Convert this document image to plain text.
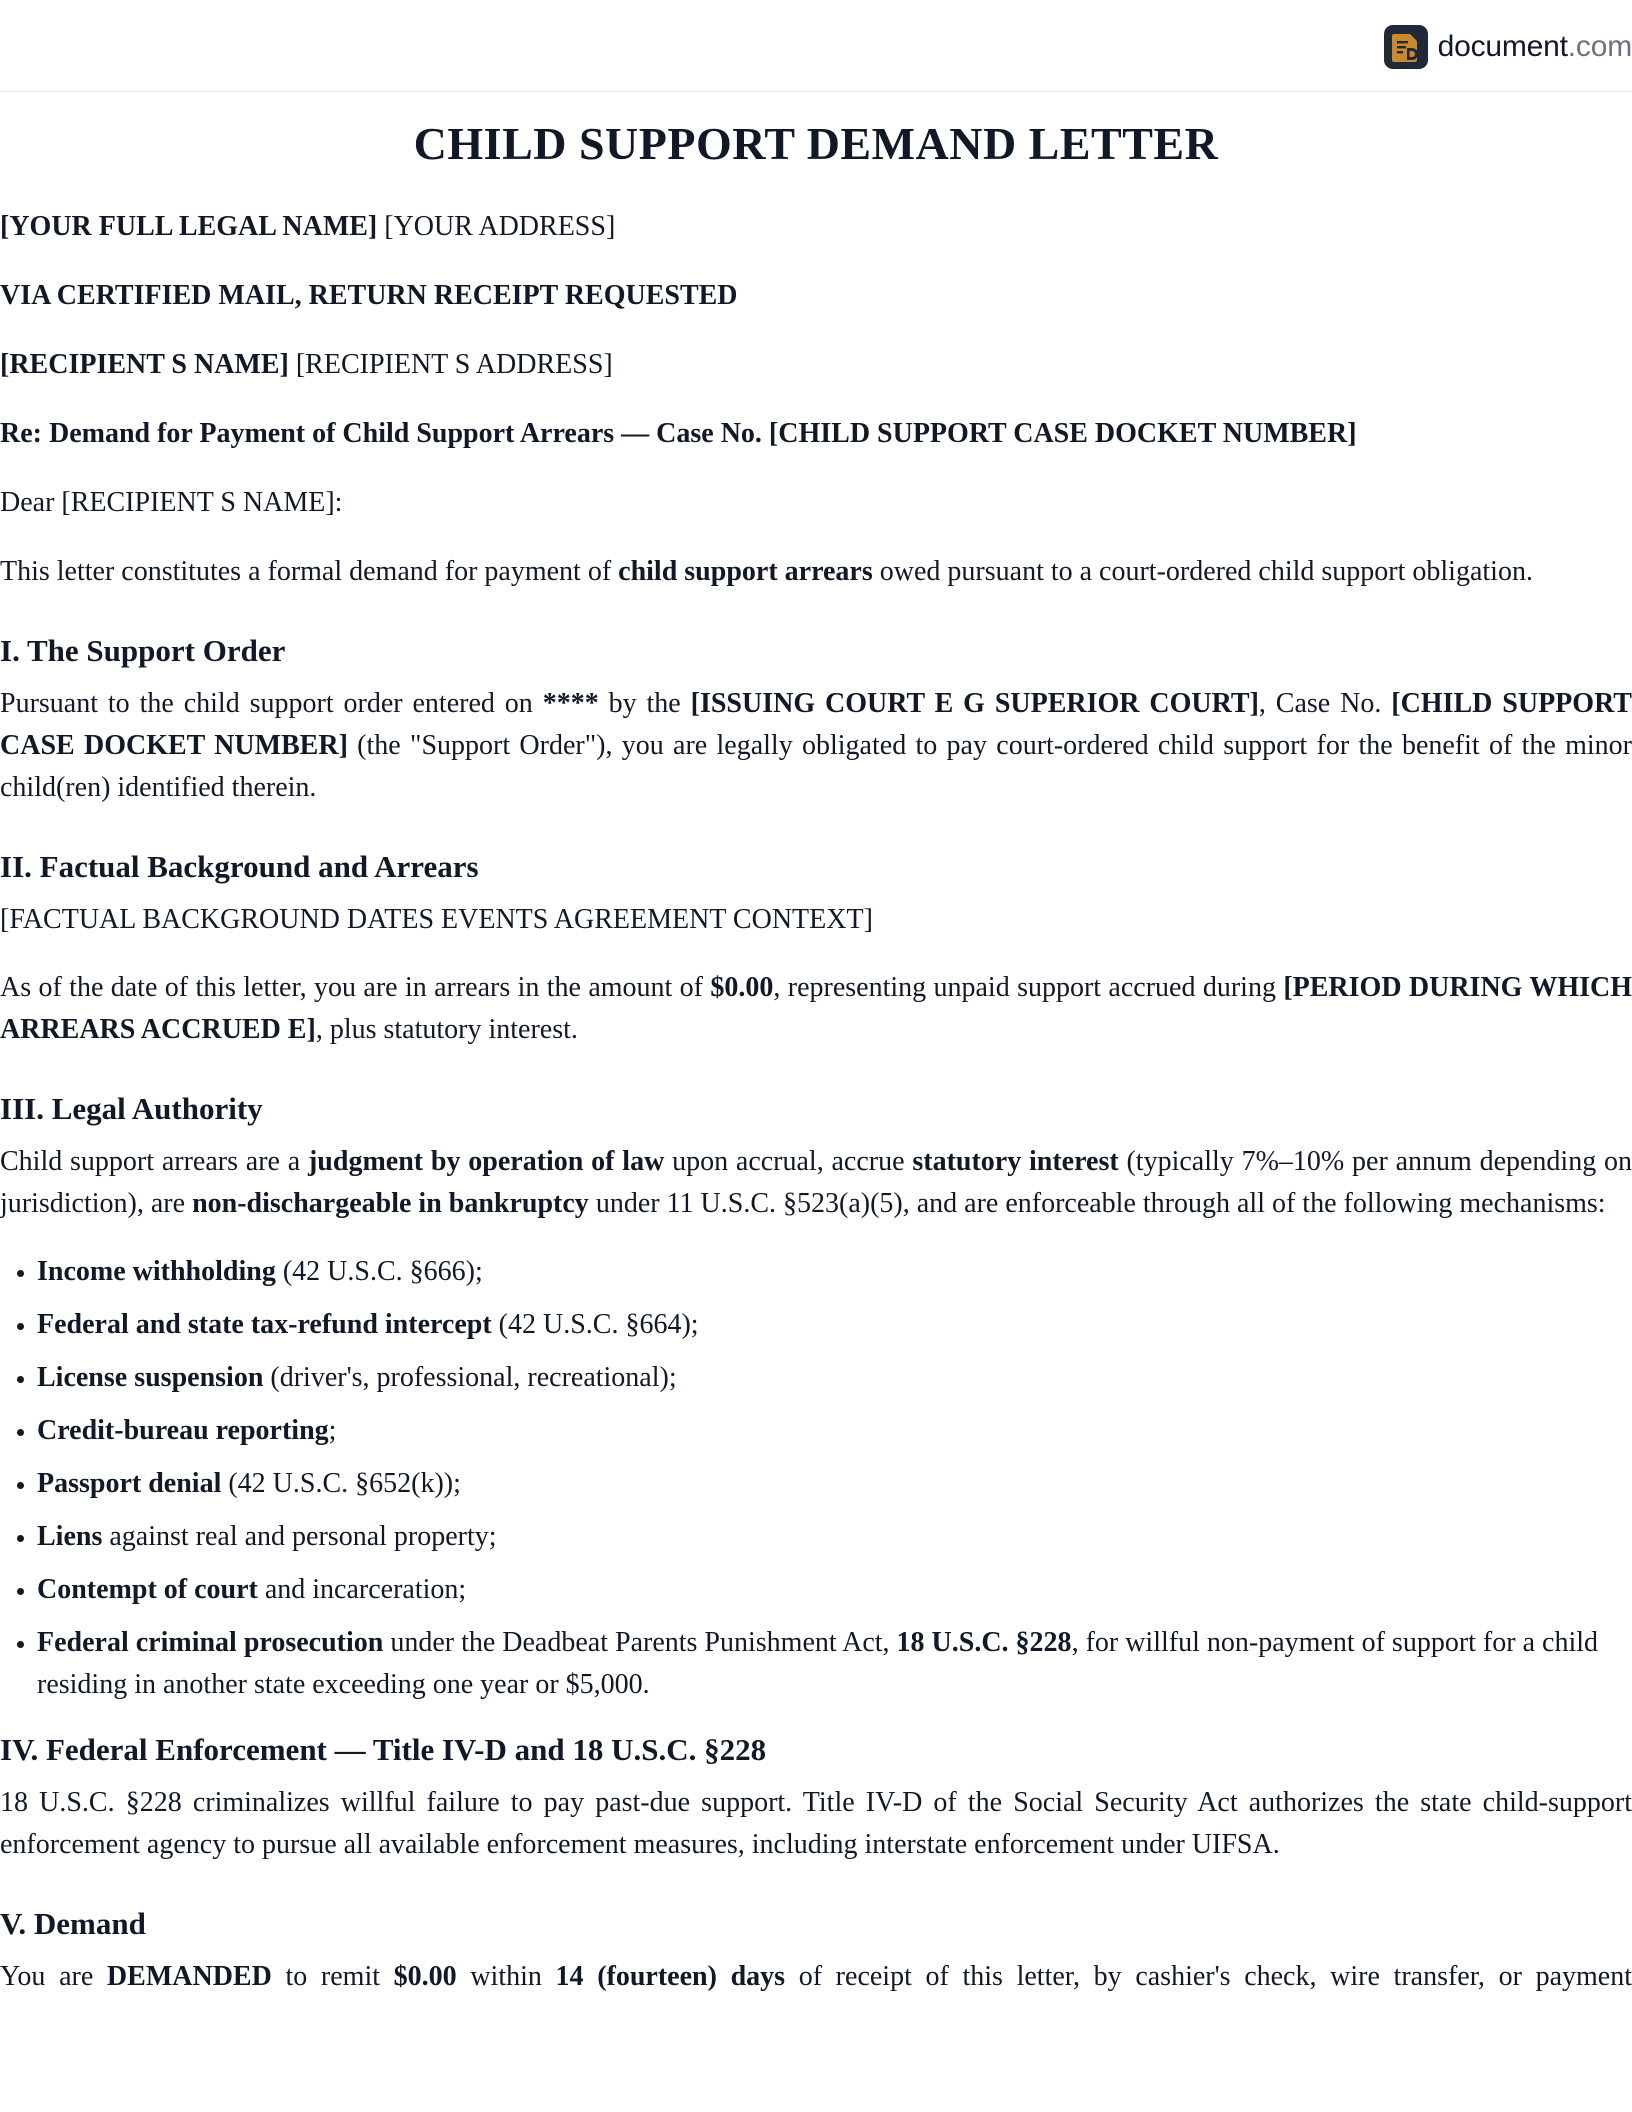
document.com
CHILD SUPPORT DEMAND LETTER

[YOUR FULL LEGAL NAME] [YOUR ADDRESS]

VIA CERTIFIED MAIL, RETURN RECEIPT REQUESTED

[RECIPIENT S NAME] [RECIPIENT S ADDRESS]

Re: Demand for Payment of Child Support Arrears — Case No. [CHILD SUPPORT CASE DOCKET NUMBER]

Dear [RECIPIENT S NAME]:

This letter constitutes a formal demand for payment of child support arrears owed pursuant to a court-ordered child support obligation.

I. The Support Order

Pursuant to the child support order entered on **** by the [ISSUING COURT E G SUPERIOR COURT], Case No. [CHILD SUPPORT CASE DOCKET NUMBER] (the "Support Order"), you are legally obligated to pay court-ordered child support for the benefit of the minor child(ren) identified therein.

II. Factual Background and Arrears

[FACTUAL BACKGROUND DATES EVENTS AGREEMENT CONTEXT]

As of the date of this letter, you are in arrears in the amount of $0.00, representing unpaid support accrued during [PERIOD DURING WHICH ARREARS ACCRUED E], plus statutory interest.

III. Legal Authority

Child support arrears are a judgment by operation of law upon accrual, accrue statutory interest (typically 7%–10% per annum depending on jurisdiction), are non-dischargeable in bankruptcy under 11 U.S.C. §523(a)(5), and are enforceable through all of the following mechanisms:

• Income withholding (42 U.S.C. §666);
• Federal and state tax-refund intercept (42 U.S.C. §664);
• License suspension (driver's, professional, recreational);
• Credit-bureau reporting;
• Passport denial (42 U.S.C. §652(k));
• Liens against real and personal property;
• Contempt of court and incarceration;
• Federal criminal prosecution under the Deadbeat Parents Punishment Act, 18 U.S.C. §228, for willful non-payment of support for a child residing in another state exceeding one year or $5,000.
IV. Federal Enforcement — Title IV-D and 18 U.S.C. §228

18 U.S.C. §228 criminalizes willful failure to pay past-due support. Title IV-D of the Social Security Act authorizes the state child-support enforcement agency to pursue all available enforcement measures, including interstate enforcement under UIFSA.

V. Demand

You are DEMANDED to remit $0.00 within 14 (fourteen) days of receipt of this letter, by cashier's check, wire transfer, or payment
